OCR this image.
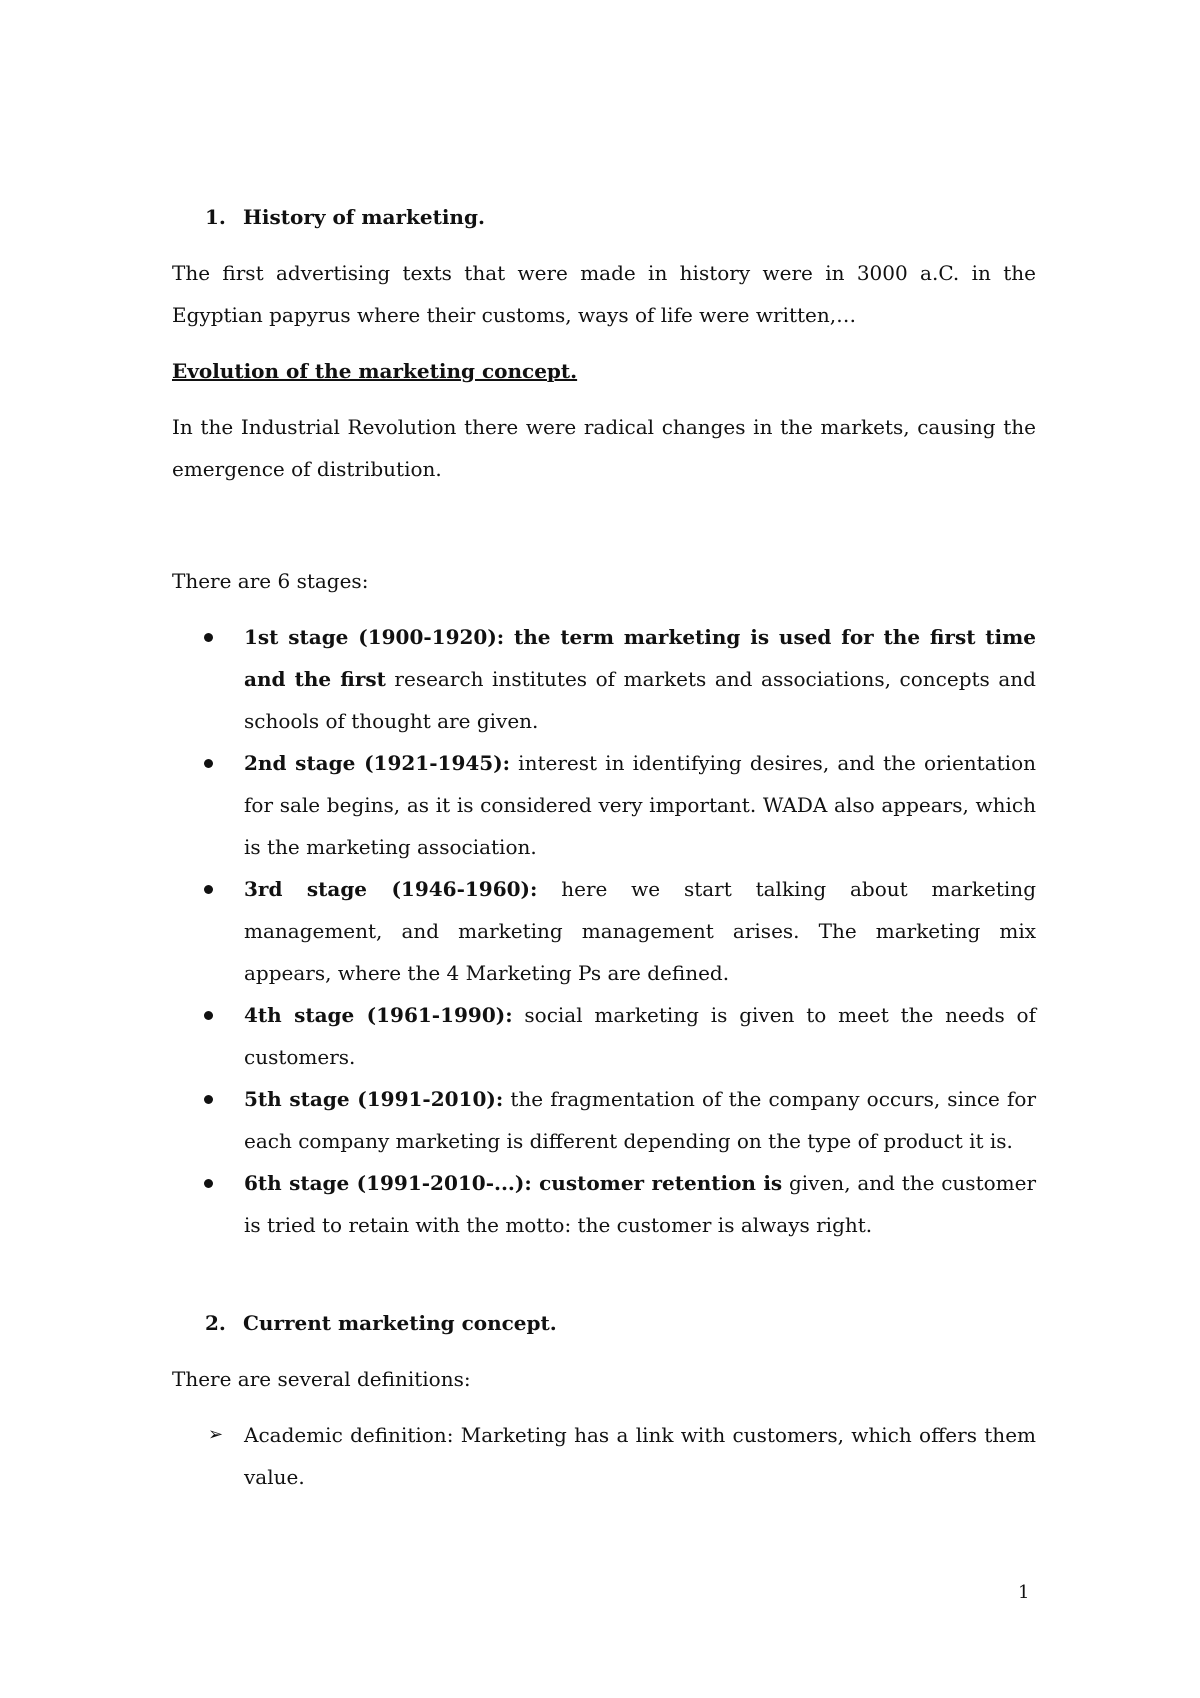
1. History of marketing.

The first advertising texts that were made in history were in 3000 a.C. in the Egyptian papyrus where their customs, ways of life were written,…

Evolution of the marketing concept.

In the Industrial Revolution there were radical changes in the markets, causing the emergence of distribution.

There are 6 stages:

1st stage (1900-1920): the term marketing is used for the first time and the first research institutes of markets and associations, concepts and schools of thought are given.
2nd stage (1921-1945): interest in identifying desires, and the orientation for sale begins, as it is considered very important. WADA also appears, which is the marketing association.
3rd stage (1946-1960): here we start talking about marketing management, and marketing management arises. The marketing mix appears, where the 4 Marketing Ps are defined.
4th stage (1961-1990): social marketing is given to meet the needs of customers.
5th stage (1991-2010): the fragmentation of the company occurs, since for each company marketing is different depending on the type of product it is.
6th stage (1991-2010-...): customer retention is given, and the customer is tried to retain with the motto: the customer is always right.
2. Current marketing concept.

There are several definitions:

➢ Academic definition: Marketing has a link with customers, which offers them value.
1
